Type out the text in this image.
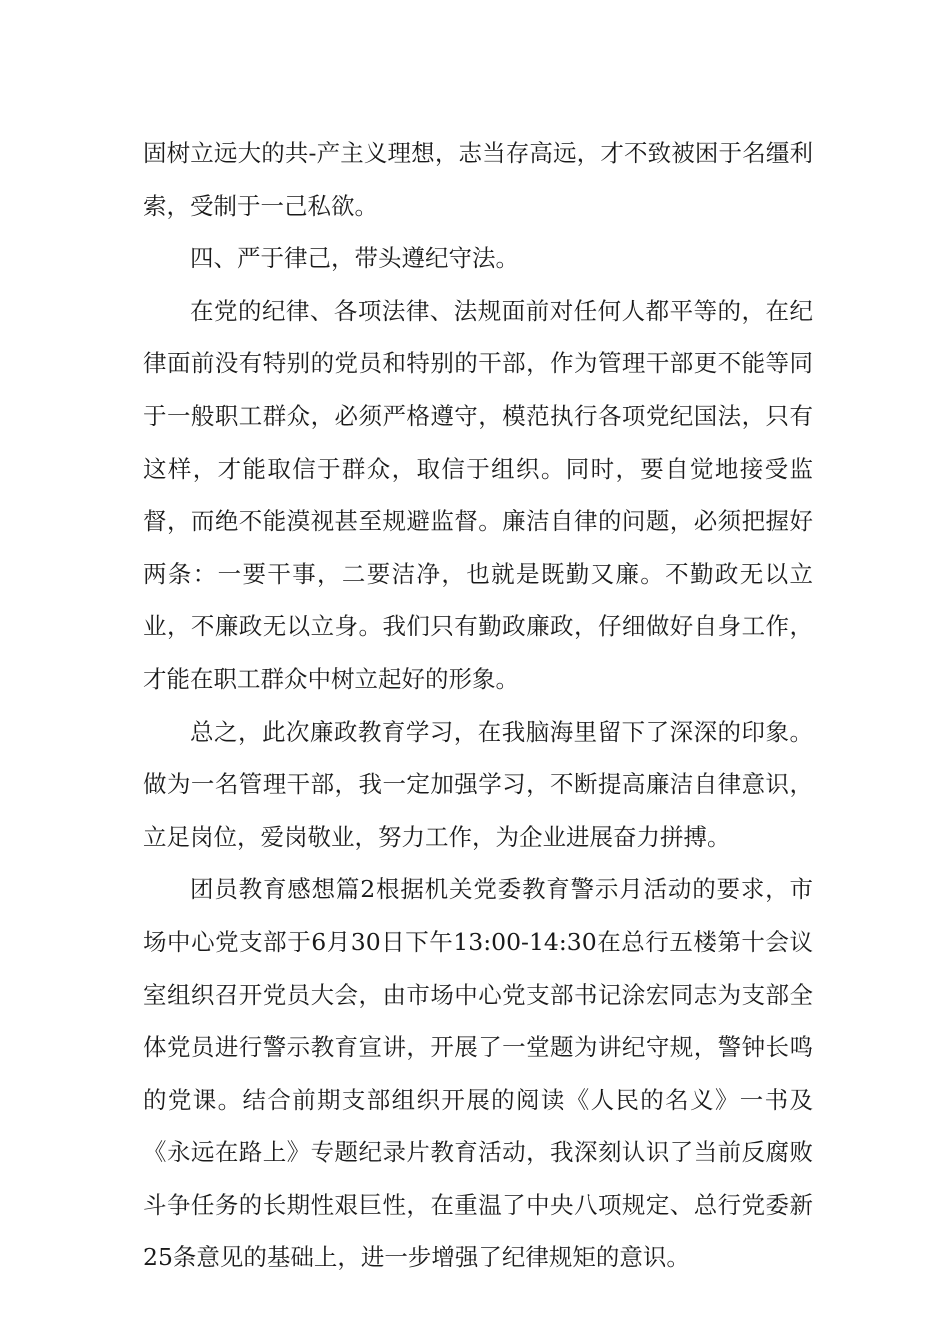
固树立远大的共-产主义理想，志当存高远，才不致被困于名缰利索，受制于一己私欲。

四、严于律己，带头遵纪守法。

在党的纪律、各项法律、法规面前对任何人都平等的，在纪律面前没有特别的党员和特别的干部，作为管理干部更不能等同于一般职工群众，必须严格遵守，模范执行各项党纪国法，只有这样，才能取信于群众，取信于组织。同时，要自觉地接受监督，而绝不能漠视甚至规避监督。廉洁自律的问题，必须把握好两条：一要干事，二要洁净，也就是既勤又廉。不勤政无以立业，不廉政无以立身。我们只有勤政廉政，仔细做好自身工作，才能在职工群众中树立起好的形象。

总之，此次廉政教育学习，在我脑海里留下了深深的印象。做为一名管理干部，我一定加强学习，不断提高廉洁自律意识，立足岗位，爱岗敬业，努力工作，为企业进展奋力拼搏。

团员教育感想篇2根据机关党委教育警示月活动的要求，市场中心党支部于6月30日下午13:00-14:30在总行五楼第十会议室组织召开党员大会，由市场中心党支部书记涂宏同志为支部全体党员进行警示教育宣讲，开展了一堂题为讲纪守规，警钟长鸣的党课。结合前期支部组织开展的阅读《人民的名义》一书及《永远在路上》专题纪录片教育活动，我深刻认识了当前反腐败斗争任务的长期性艰巨性，在重温了中央八项规定、总行党委新25条意见的基础上，进一步增强了纪律规矩的意识。
